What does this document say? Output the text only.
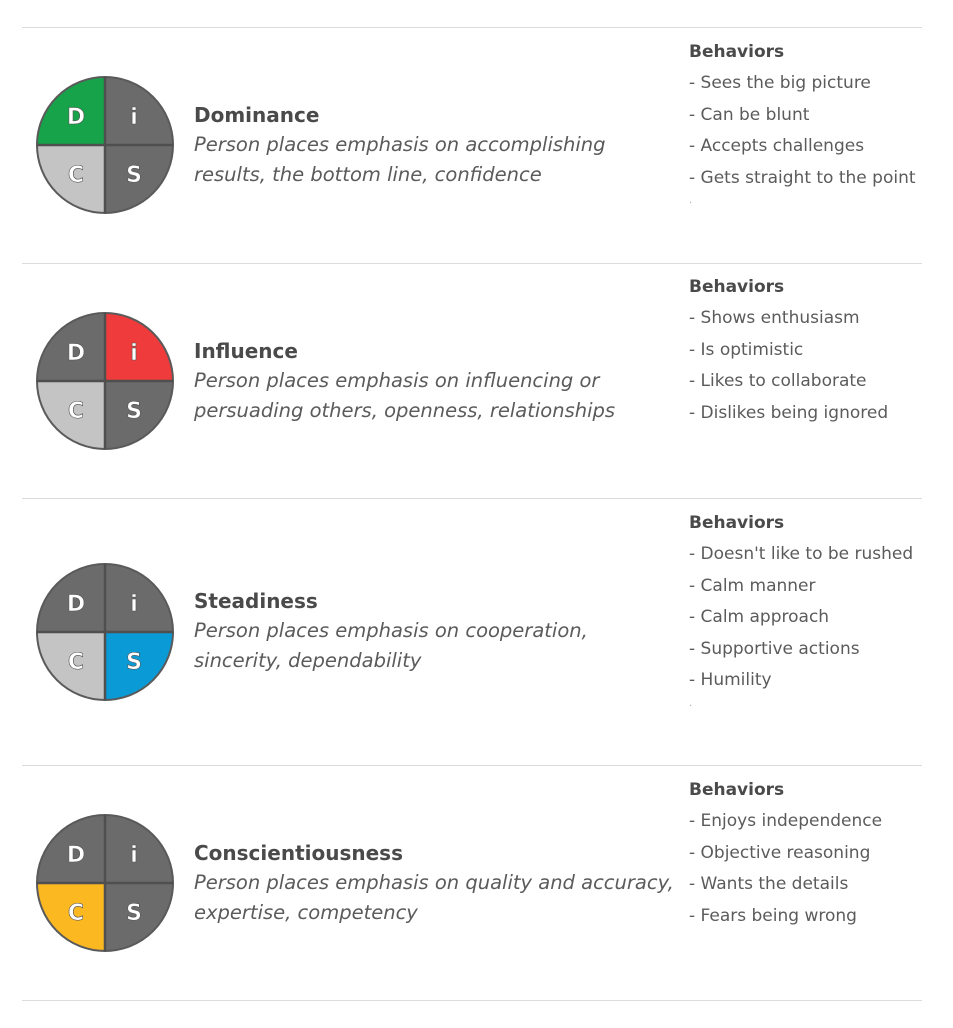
D i
C S

Dominance

Person places emphasis on accomplishing results, the bottom line, confidence

Behaviors
- Sees the big picture
- Can be blunt
- Accepts challenges
- Gets straight to the point
·
D i
C S

Influence

Person places emphasis on influencing or persuading others, openness, relationships

Behaviors
- Shows enthusiasm
- Is optimistic
- Likes to collaborate
- Dislikes being ignored
D i
C S

Steadiness

Person places emphasis on cooperation, sincerity, dependability

Behaviors
- Doesn't like to be rushed
- Calm manner
- Calm approach
- Supportive actions
- Humility
·
D i
C S

Conscientiousness

Person places emphasis on quality and accuracy, expertise, competency

Behaviors
- Enjoys independence
- Objective reasoning
- Wants the details
- Fears being wrong
